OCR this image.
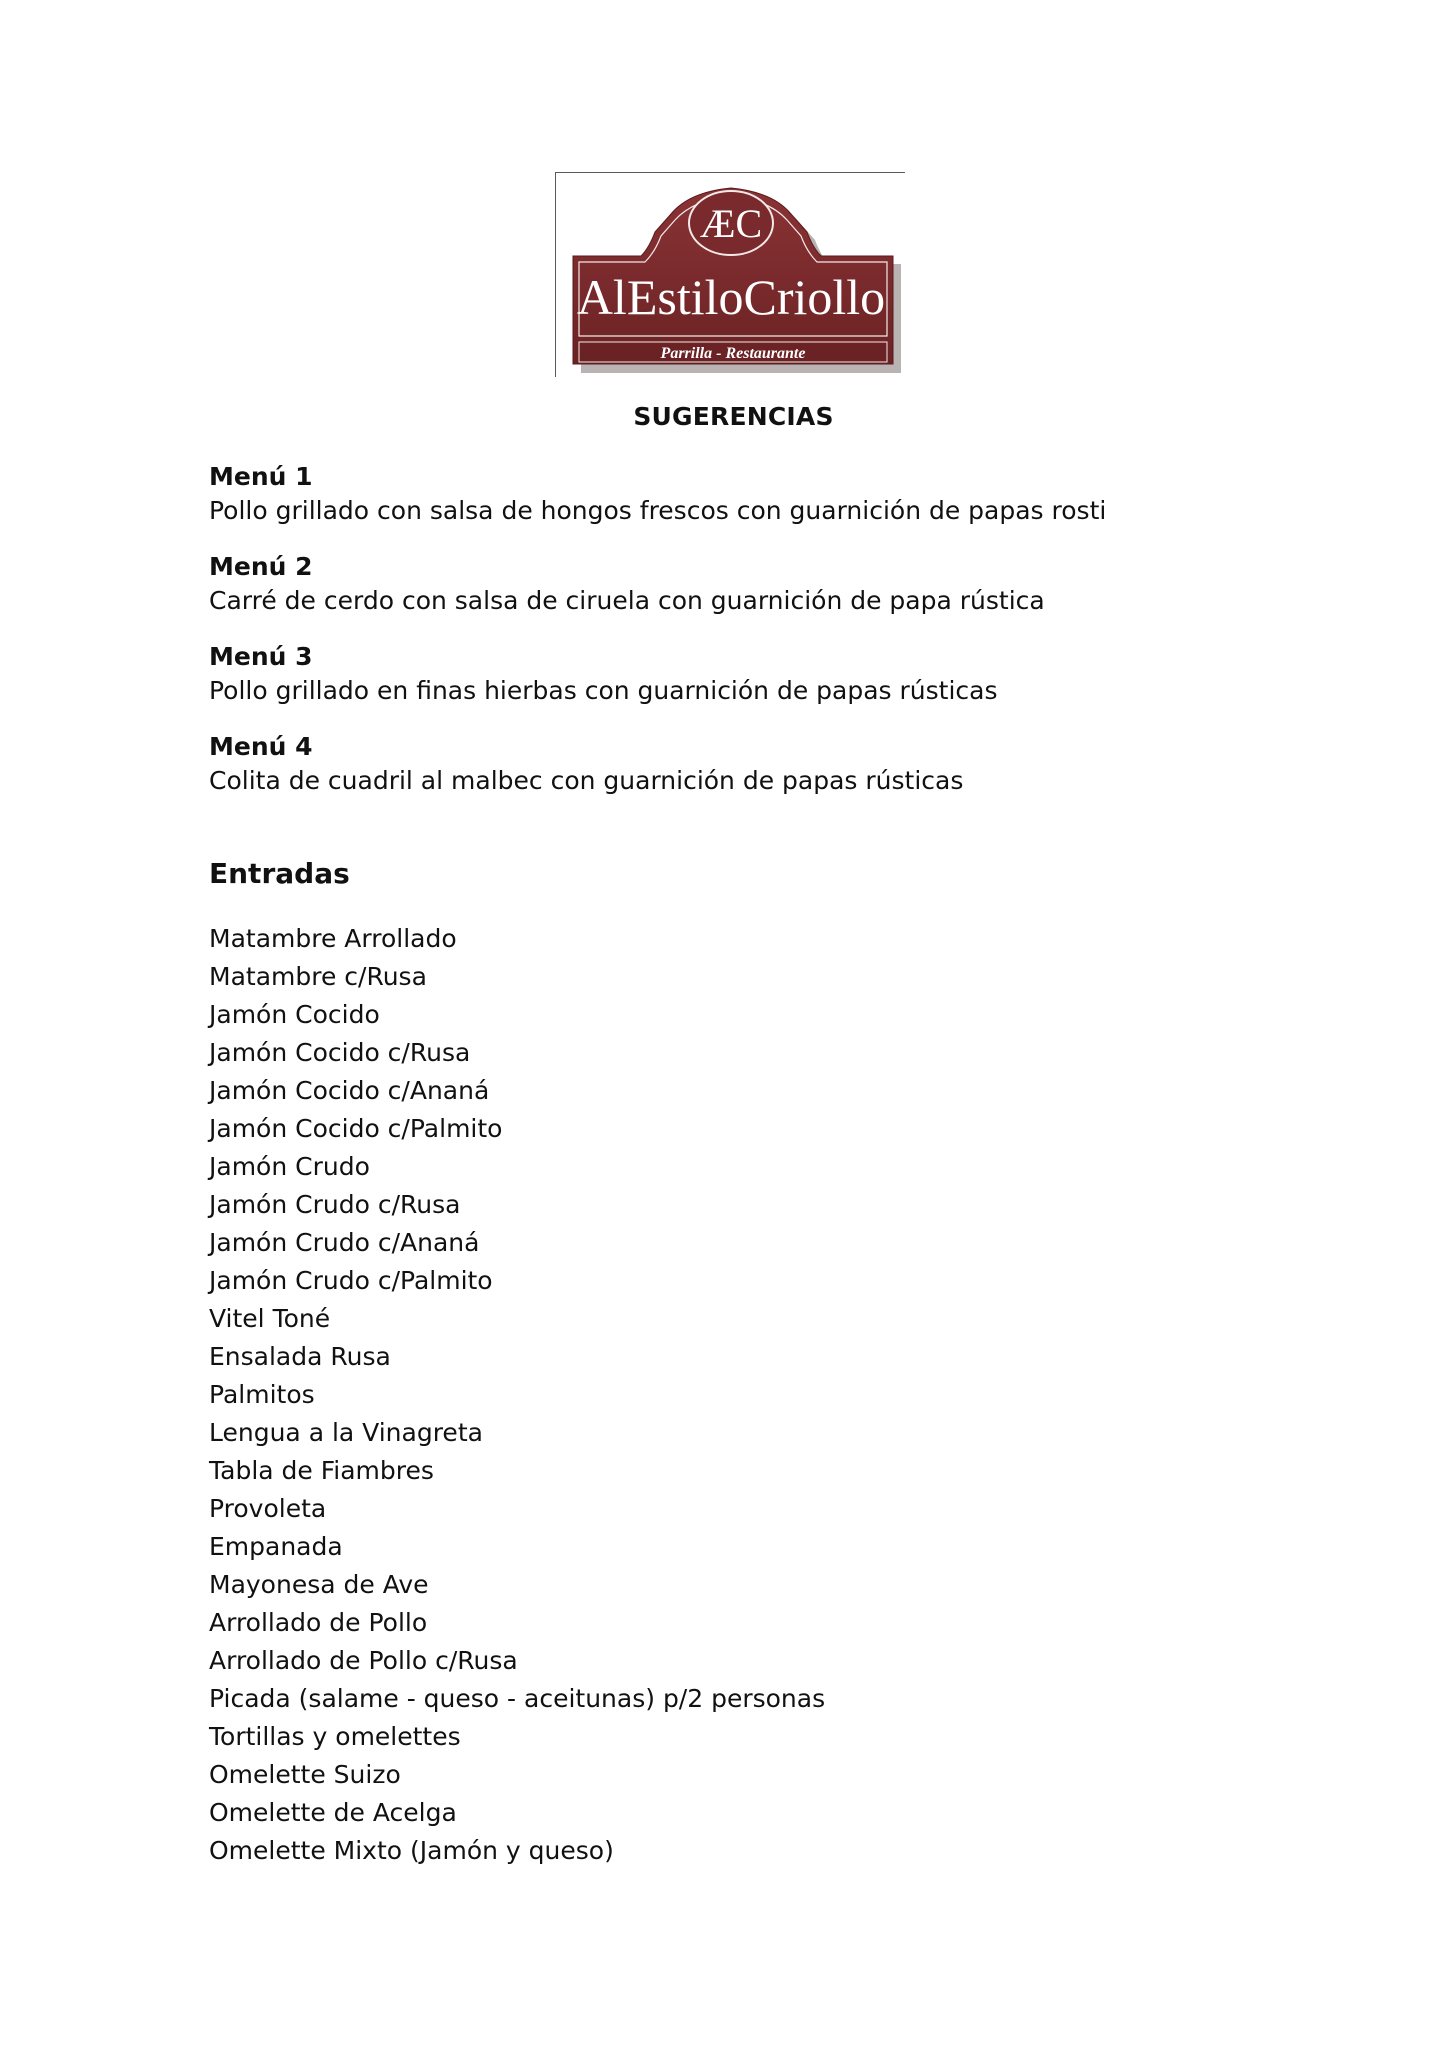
ÆC
AlEstiloCriollo
Parrilla - Restaurante
SUGERENCIAS
Menú 1
Pollo grillado con salsa de hongos frescos con guarnición de papas rosti
Menú 2
Carré de cerdo con salsa de ciruela con guarnición de papa rústica
Menú 3
Pollo grillado en finas hierbas con guarnición de papas rústicas
Menú 4
Colita de cuadril al malbec con guarnición de papas rústicas
Entradas
Matambre Arrollado
Matambre c/Rusa
Jamón Cocido
Jamón Cocido c/Rusa
Jamón Cocido c/Ananá
Jamón Cocido c/Palmito
Jamón Crudo
Jamón Crudo c/Rusa
Jamón Crudo c/Ananá
Jamón Crudo c/Palmito
Vitel Toné
Ensalada Rusa
Palmitos
Lengua a la Vinagreta
Tabla de Fiambres
Provoleta
Empanada
Mayonesa de Ave
Arrollado de Pollo
Arrollado de Pollo c/Rusa
Picada (salame - queso - aceitunas) p/2 personas
Tortillas y omelettes
Omelette Suizo
Omelette de Acelga
Omelette Mixto (Jamón y queso)
